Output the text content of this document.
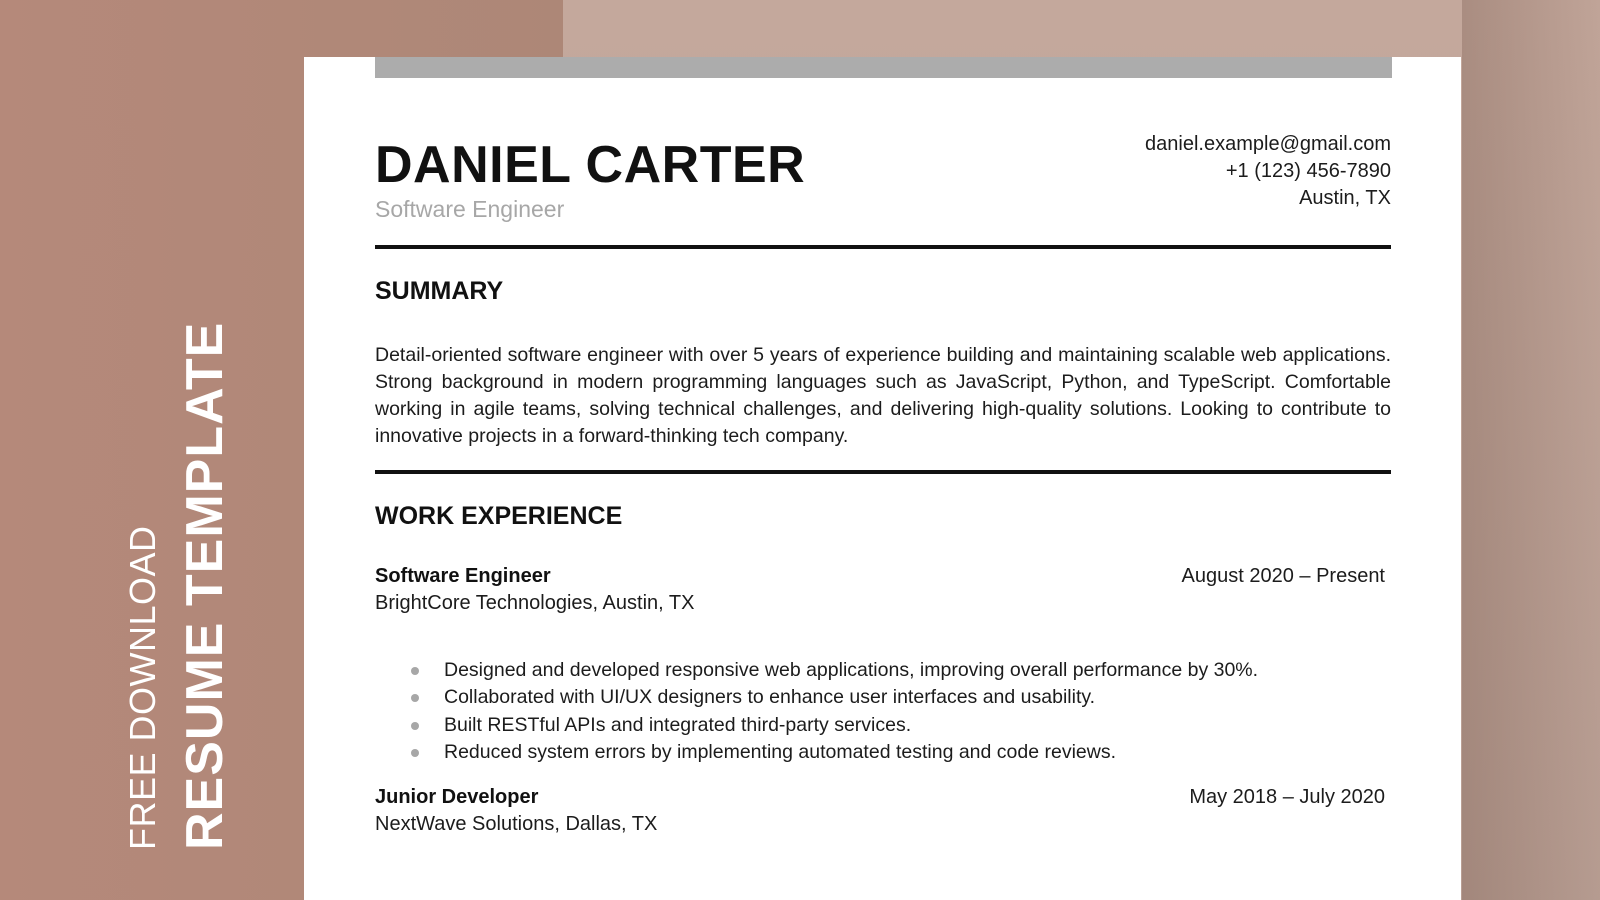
FREE DOWNLOAD RESUME TEMPLATE
DANIEL CARTER
Software Engineer
daniel.example@gmail.com
+1 (123) 456-7890
Austin, TX
SUMMARY

Detail-oriented software engineer with over 5 years of experience building and maintaining scalable web applications. Strong background in modern programming languages such as JavaScript, Python, and TypeScript. Comfortable working in agile teams, solving technical challenges, and delivering high-quality solutions. Looking to contribute to innovative projects in a forward-thinking tech company.

WORK EXPERIENCE
Software Engineer	August 2020 – Present
BrightCore Technologies, Austin, TX
Designed and developed responsive web applications, improving overall performance by 30%.
Collaborated with UI/UX designers to enhance user interfaces and usability.
Built RESTful APIs and integrated third-party services.
Reduced system errors by implementing automated testing and code reviews.
Junior Developer	May 2018 – July 2020
NextWave Solutions, Dallas, TX
